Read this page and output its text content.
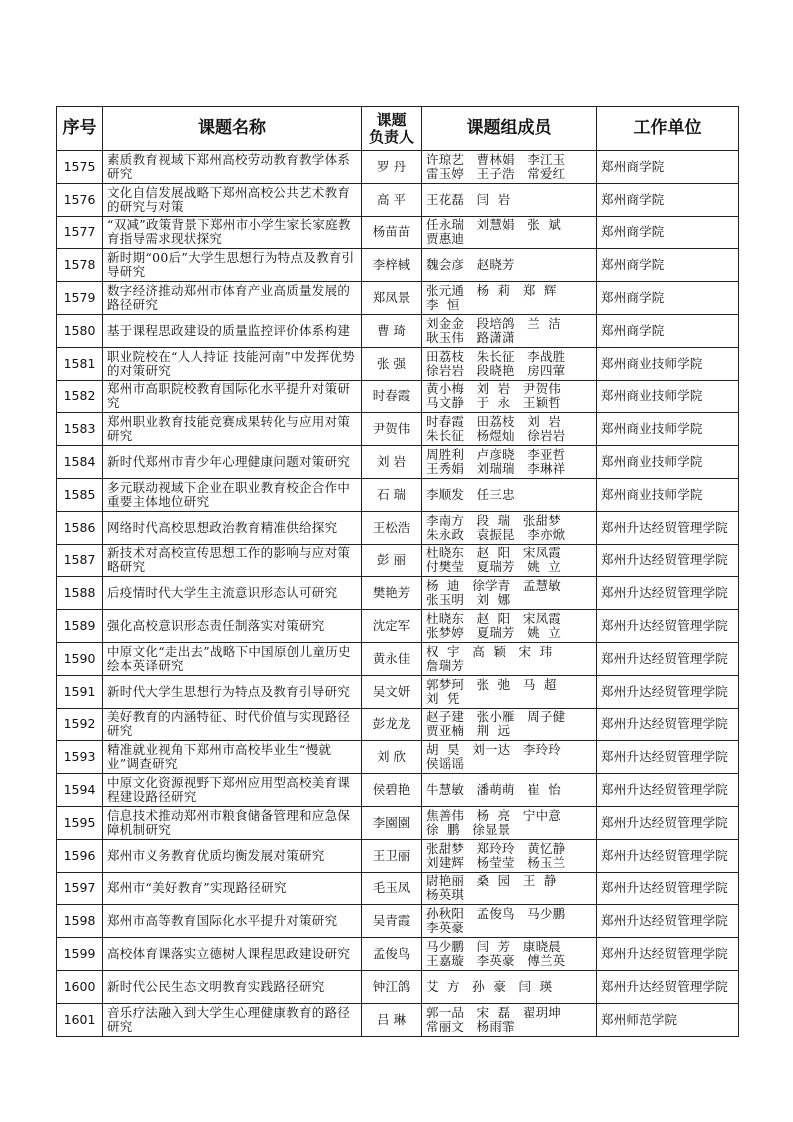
序号	课题名称	课题
负责人	课题组成员	工作单位
1575	素质教育视域下郑州高校劳动教育教学体系研究	罗 丹	许琼艺   曹林娟   李江玉
雷玉婷   王子浩   常爱红	郑州商学院
1576	文化自信发展战略下郑州高校公共艺术教育的研究与对策	高 平	王花磊   闫  岩	郑州商学院
1577	“双减”政策背景下郑州市小学生家长家庭教育指导需求现状探究	杨苗苗	任永瑞   刘慧娟   张  斌
贾惠迪	郑州商学院
1578	新时期“00后”大学生思想行为特点及教育引导研究	李梓棫	魏会彦   赵晓芳	郑州商学院
1579	数字经济推动郑州市体育产业高质量发展的路径研究	郑凤景	张元通   杨  莉   郑  辉
李  恒	郑州商学院
1580	基于课程思政建设的质量监控评价体系构建	曹 琦	刘金金   段培鸽   兰  洁
耿玉伟   路潇潇	郑州商学院
1581	职业院校在“人人持证 技能河南”中发挥优势的对策研究	张 强	田荔枝   朱长征   李战胜
徐岩岩   段晓艳   房四葷	郑州商业技师学院
1582	郑州市高职院校教育国际化水平提升对策研究	时春霞	黄小梅   刘  岩   尹贺伟
马文静   于  永   王颖哲	郑州商业技师学院
1583	郑州职业教育技能竞赛成果转化与应用对策研究	尹贺伟	时春霞   田荔枝   刘  岩
朱长征   杨煜灿   徐岩岩	郑州商业技师学院
1584	新时代郑州市青少年心理健康问题对策研究	刘 岩	周胜利   卢彦晓   李亚哲
王秀娟   刘瑞瑞   李琳祥	郑州商业技师学院
1585	多元联动视域下企业在职业教育校企合作中重要主体地位研究	石 瑞	李顺发   任三忠	郑州商业技师学院
1586	网络时代高校思想政治教育精准供给探究	王松浩	李南方   段  瑞   张甜梦
朱永政   袁振昆   李亦焮	郑州升达经贸管理学院
1587	新技术对高校宣传思想工作的影响与应对策略研究	彭 丽	杜晓东   赵  阳   宋凤霞
付樊莹   夏瑞芳   姚  立	郑州升达经贸管理学院
1588	后疫情时代大学生主流意识形态认可研究	樊艳芳	杨  迪   徐学青   孟慧敏
张玉明   刘  娜	郑州升达经贸管理学院
1589	强化高校意识形态责任制落实对策研究	沈定军	杜晓东   赵  阳   宋凤霞
张梦婷   夏瑞芳   姚  立	郑州升达经贸管理学院
1590	中原文化“走出去”战略下中国原创儿童历史绘本英译研究	黄永佳	权  宇   高  颖   宋  玮
詹瑞芳	郑州升达经贸管理学院
1591	新时代大学生思想行为特点及教育引导研究	吴文妍	郭梦珂   张  弛   马  超
刘  凭	郑州升达经贸管理学院
1592	美好教育的内涵特征、时代价值与实现路径研究	彭龙龙	赵子建   张小雁   周子健
贾亚楠   荆  远	郑州升达经贸管理学院
1593	精准就业视角下郑州市高校毕业生“慢就业”调查研究	刘 欣	胡  昊   刘一达   李玲玲
侯谣谣	郑州升达经贸管理学院
1594	中原文化资源视野下郑州应用型高校美育课程建设路径研究	侯碧艳	牛慧敏   潘萌萌   崔  怡	郑州升达经贸管理学院
1595	信息技术推动郑州市粮食储备管理和应急保障机制研究	李園園	焦善伟   杨  亮   宁中意
徐  鹏   徐显景	郑州升达经贸管理学院
1596	郑州市义务教育优质均衡发展对策研究	王卫丽	张甜梦   郑玲玲   黄忆静
刘建辉   杨莹莹   杨玉兰	郑州升达经贸管理学院
1597	郑州市“美好教育”实现路径研究	毛玉凤	尉艳丽   桑  园   王  静
杨英琪	郑州升达经贸管理学院
1598	郑州市高等教育国际化水平提升对策研究	吴青霞	孙秋阳   孟俊鸟   马少鹏
李英豪	郑州升达经贸管理学院
1599	高校体育课落实立德树人课程思政建设研究	孟俊鸟	马少鹏   闫  芳   康晓晨
王嘉璇   李英豪   傅兰英	郑州升达经贸管理学院
1600	新时代公民生态文明教育实践路径研究	钟江鸽	艾  方   孙  豪   闫  瑛	郑州升达经贸管理学院
1601	音乐疗法融入到大学生心理健康教育的路径研究	吕 琳	郭一品   宋  磊   翟玥坤
常丽文   杨雨霏	郑州师范学院
